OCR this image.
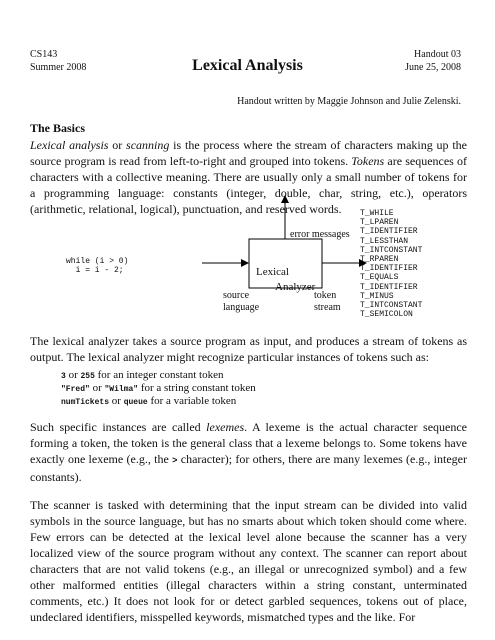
CS143
Summer 2008
Handout 03
June 25, 2008
Lexical Analysis
Handout written by Maggie Johnson and Julie Zelenski.
The Basics
Lexical analysis or scanning is the process where the stream of characters making up the source program is read from left-to-right and grouped into tokens. Tokens are sequences of characters with a collective meaning. There are usually only a small number of tokens for a programming language: constants (integer, double, char, string, etc.), operators (arithmetic, relational, logical), punctuation, and reserved words.
while (i > 0)
i = i - 2;
source
language
Lexical
Analyzer
error messages
token
stream
T_WHILE
T_LPAREN
T_IDENTIFIER
T_LESSTHAN
T_INTCONSTANT
T_RPAREN
T_IDENTIFIER
T_EQUALS
T_IDENTIFIER
T_MINUS
T_INTCONSTANT
T_SEMICOLON
The lexical analyzer takes a source program as input, and produces a stream of tokens as output. The lexical analyzer might recognize particular instances of tokens such as:
3 or 255 for an integer constant token
"Fred" or "Wilma" for a string constant token
numTickets or queue for a variable token
Such specific instances are called lexemes. A lexeme is the actual character sequence forming a token, the token is the general class that a lexeme belongs to. Some tokens have exactly one lexeme (e.g., the > character); for others, there are many lexemes (e.g., integer constants).
The scanner is tasked with determining that the input stream can be divided into valid symbols in the source language, but has no smarts about which token should come where. Few errors can be detected at the lexical level alone because the scanner has a very localized view of the source program without any context. The scanner can report about characters that are not valid tokens (e.g., an illegal or unrecognized symbol) and a few other malformed entities (illegal characters within a string constant, unterminated comments, etc.) It does not look for or detect garbled sequences, tokens out of place, undeclared identifiers, misspelled keywords, mismatched types and the like. For
